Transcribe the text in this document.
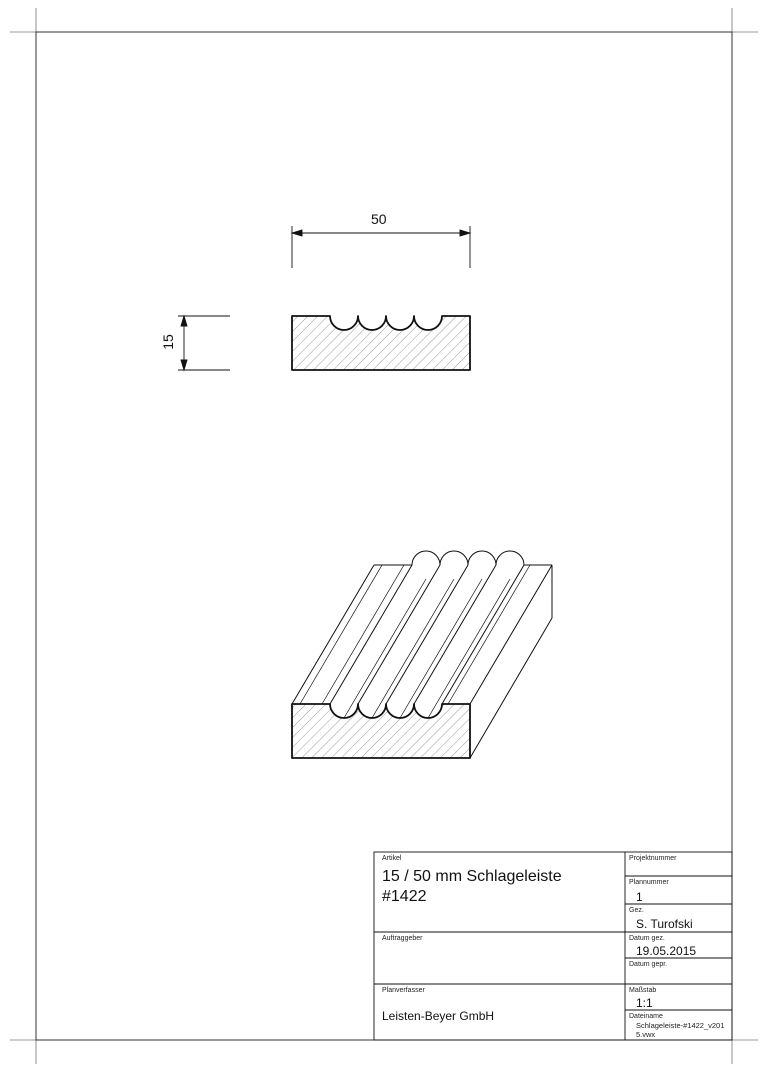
50
15
Artikel
15 / 50 mm Schlageleiste
#1422
Projektnummer
Plannummer
1
Gez.
S. Turofski
Auftraggeber	Datum gez.
19.05.2015
Datum gepr.
Planverfasser
Leisten-Beyer GmbH
Maßstab
1:1
Dateiname
Schlageleiste-#1422_v2015.vwx
